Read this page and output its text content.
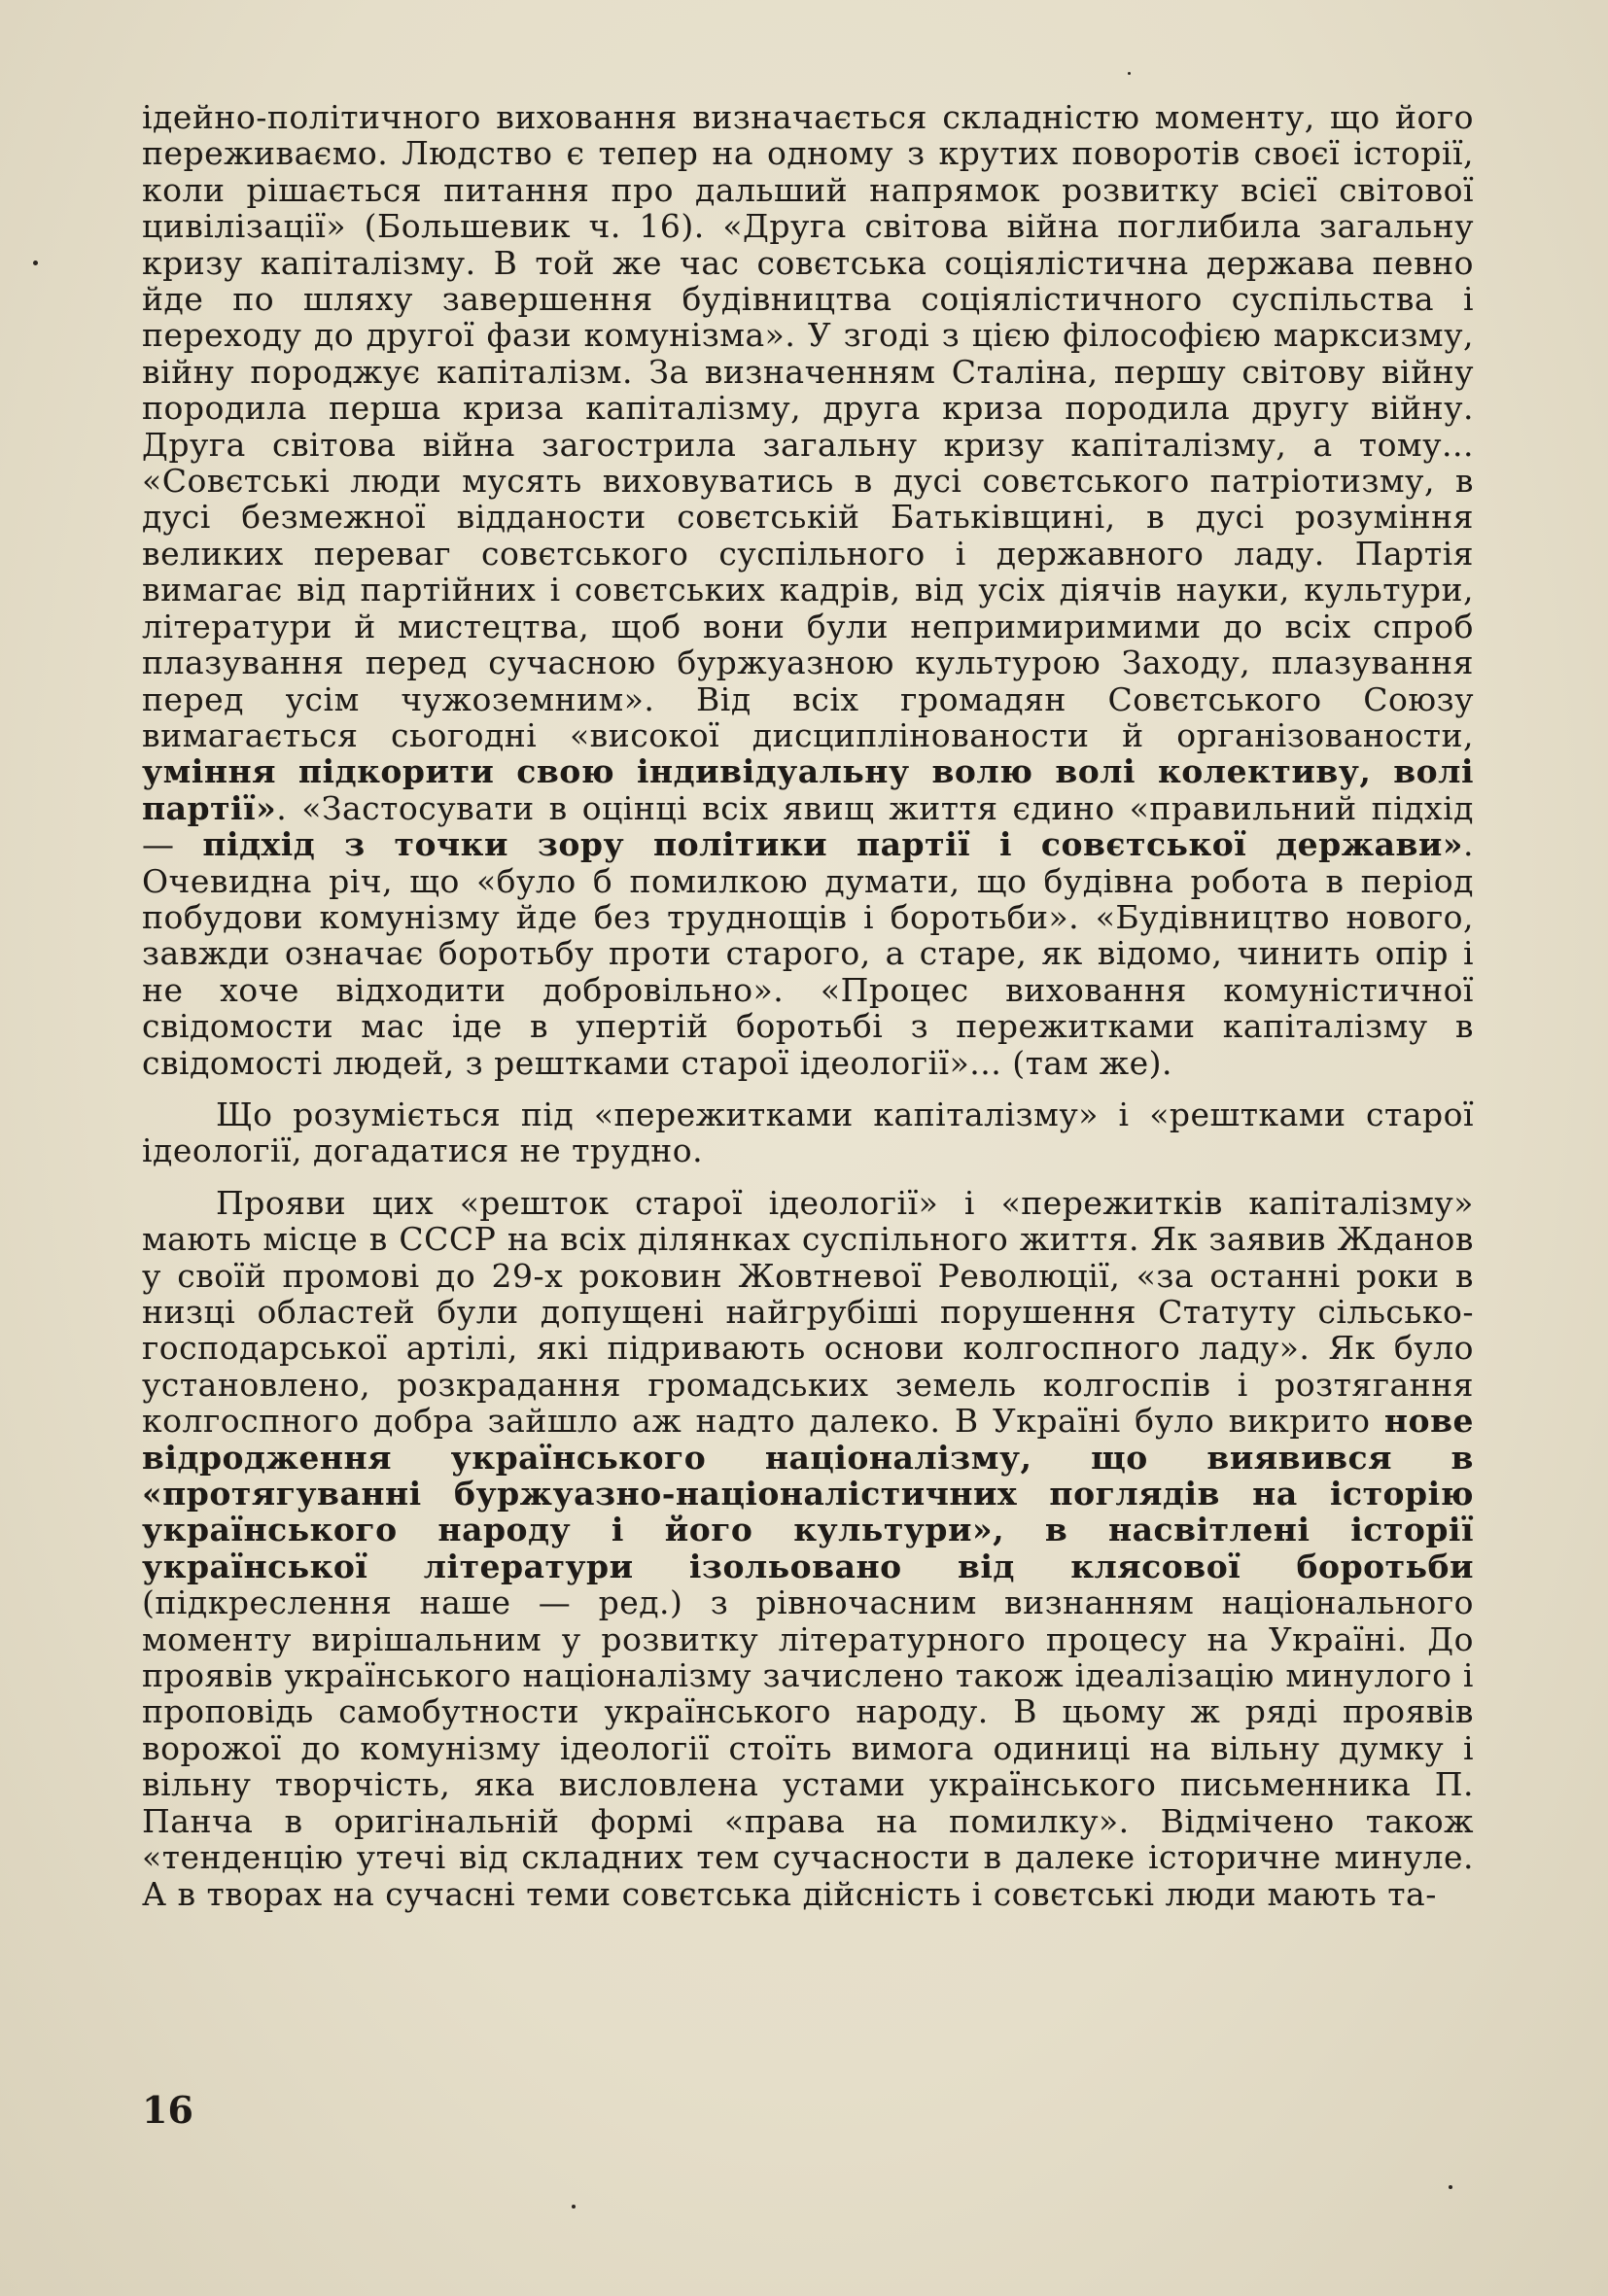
ідейно-політичного виховання визначається складністю моменту, що його переживаємо. Людство є тепер на одному з крутих поворотів своєї історії, коли рішається питання про дальший напрямок розвитку всієї світової цивілізації» (Большевик ч. 16). «Друга світова війна поглибила загальну кризу капіталізму. В той же час совєтська соціялістична держава певно йде по шляху завершення будівництва соціялістичного суспільства і переходу до другої фази комунізма». У згоді з цією філософією марксизму, війну породжує капіталізм. За визначенням Сталіна, першу світову війну породила перша криза капіталізму, друга криза породила другу війну. Друга світова війна загострила загальну кризу капіталізму, а тому... «Совєтські люди мусять виховуватись в дусі совєтського патріотизму, в дусі безмежної відданости совєтській Батьківщині, в дусі розуміння великих переваг совєтського суспільного і державного ладу. Партія вимагає від партійних і совєтських кадрів, від усіх діячів науки, культури, літератури й мистецтва, щоб вони були непримиримими до всіх спроб плазування перед сучасною буржуазною культурою Заходу, плазування перед усім чужоземним». Від всіх громадян Совєтського Союзу вимагається сьогодні «високої дисциплінованости й організованости, уміння підкорити свою індивідуальну волю волі колективу, волі партії». «Застосувати в оцінці всіх явищ життя єдино «правильний підхід — підхід з точки зору політики партії і совєтської держави». Очевидна річ, що «було б помилкою думати, що будівна робота в період побудови комунізму йде без труднощів і боротьби». «Будівництво нового, завжди означає боротьбу проти старого, а старе, як відомо, чинить опір і не хоче відходити добровільно». «Процес виховання комуністичної свідомости мас іде в упертій боротьбі з пережитками капіталізму в свідомості людей, з рештками старої ідеології»... (там же).

Що розуміється під «пережитками капіталізму» і «рештками старої ідеології, догадатися не трудно.

Прояви цих «решток старої ідеології» і «пережитків капіталізму» мають місце в СССР на всіх ділянках суспільного життя. Як заявив Жданов у своїй промові до 29-х роковин Жовтневої Революції, «за останні роки в низці областей були допущені найгрубіші порушення Статуту сільсько-господарської артілі, які підривають основи колгоспного ладу». Як було установлено, розкрадання громадських земель колгоспів і розтягання колгоспного добра зайшло аж надто далеко. В Україні було викрито нове відродження українського націоналізму, що виявився в «протягуванні буржуазно-націоналістичних поглядів на історію українського народу і його культури», в насвітлені історії української літератури ізольовано від клясової боротьби (підкреслення наше — ред.) з рівночасним визнанням національного моменту вирішальним у розвитку літературного процесу на Україні. До проявів українського націоналізму зачислено також ідеалізацію минулого і проповідь самобутности українського народу. В цьому ж ряді проявів ворожої до комунізму ідеології стоїть вимога одиниці на вільну думку і вільну творчість, яка висловлена устами українського письменника П. Панча в оригінальній формі «права на помилку». Відмічено також «тенденцію утечі від складних тем сучасности в далеке історичне минуле. А в творах на сучасні теми совєтська дійсність і совєтські люди мають та-

16
